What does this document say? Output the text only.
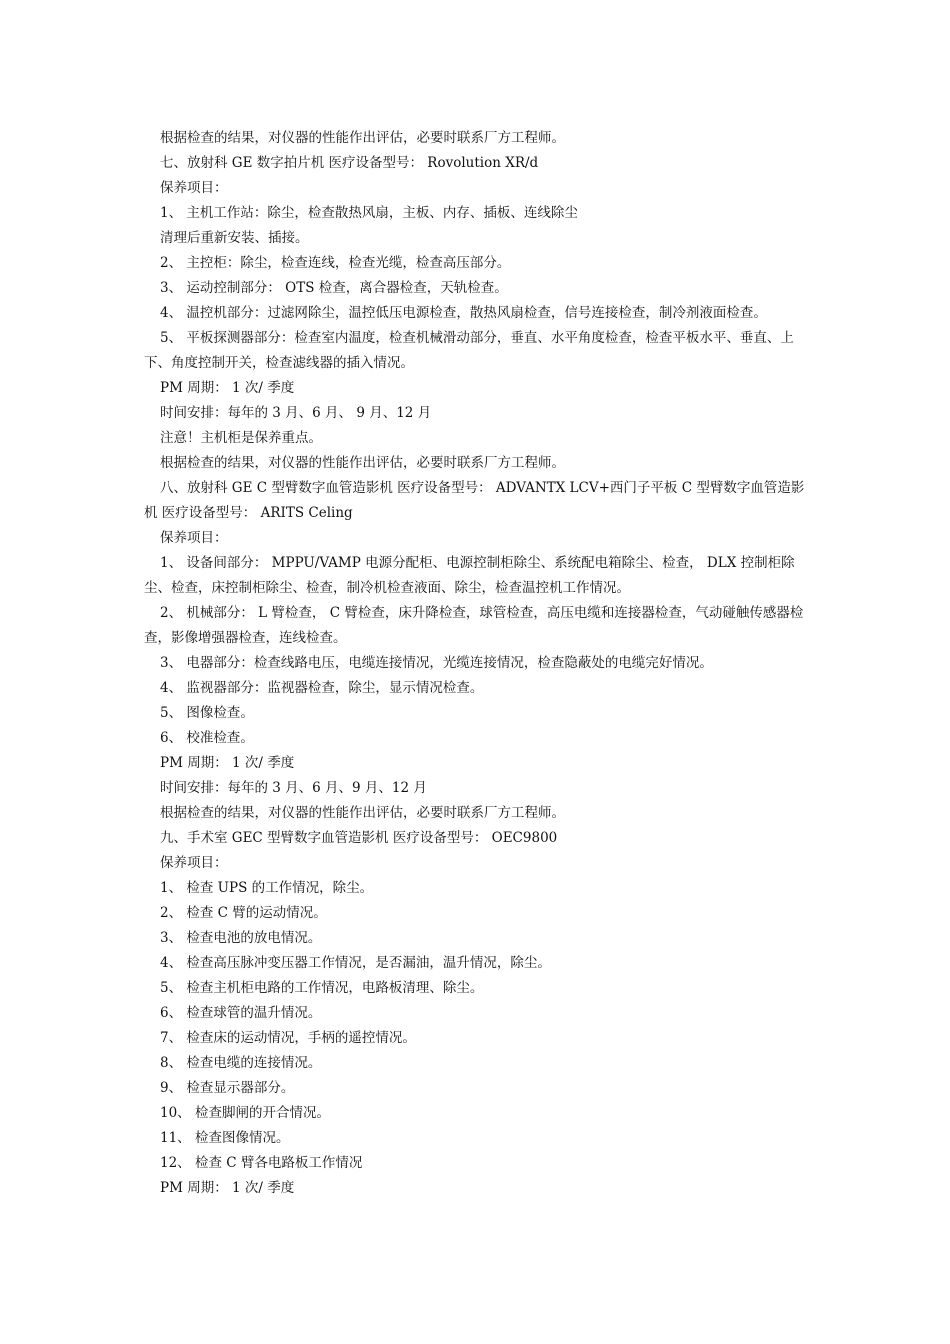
根据检查的结果，对仪器的性能作出评估，必要时联系厂方工程师。

七、放射科 GE 数字拍片机 医疗设备型号： Rovolution XR/d

保养项目：

1、 主机工作站：除尘，检查散热风扇，主板、内存、插板、连线除尘

清理后重新安装、插接。

2、 主控柜：除尘，检查连线，检查光缆，检查高压部分。

3、 运动控制部分： OTS 检查，离合器检查，天轨检查。

4、 温控机部分：过滤网除尘，温控低压电源检查，散热风扇检查，信号连接检查，制冷剂液面检查。

5、 平板探测器部分：检查室内温度，检查机械滑动部分，垂直、水平角度检查，检查平板水平、垂直、上下、角度控制开关，检查滤线器的插入情况。

PM 周期： 1 次/ 季度

时间安排：每年的 3 月、6 月、 9 月、12 月

注意！主机柜是保养重点。

根据检查的结果，对仪器的性能作出评估，必要时联系厂方工程师。

八、放射科 GE C 型臂数字血管造影机 医疗设备型号： ADVANTX LCV+西门子平板 C 型臂数字血管造影机 医疗设备型号： ARITS Celing

保养项目：

1、 设备间部分： MPPU/VAMP 电源分配柜、电源控制柜除尘、系统配电箱除尘、检查， DLX 控制柜除尘、检查，床控制柜除尘、检查，制冷机检查液面、除尘，检查温控机工作情况。

2、 机械部分： L 臂检查， C 臂检查，床升降检查，球管检查，高压电缆和连接器检查，气动碰触传感器检查，影像增强器检查，连线检查。

3、 电器部分：检查线路电压，电缆连接情况，光缆连接情况，检查隐蔽处的电缆完好情况。

4、 监视器部分：监视器检查，除尘，显示情况检查。

5、 图像检查。

6、 校准检查。

PM 周期： 1 次/ 季度

时间安排：每年的 3 月、6 月、9 月、12 月

根据检查的结果，对仪器的性能作出评估，必要时联系厂方工程师。

九、手术室 GEC 型臂数字血管造影机 医疗设备型号： OEC9800

保养项目：

1、 检查 UPS 的工作情况，除尘。

2、 检查 C 臂的运动情况。

3、 检查电池的放电情况。

4、 检查高压脉冲变压器工作情况，是否漏油，温升情况，除尘。

5、 检查主机柜电路的工作情况，电路板清理、除尘。

6、 检查球管的温升情况。

7、 检查床的运动情况，手柄的遥控情况。

8、 检查电缆的连接情况。

9、 检查显示器部分。

10、 检查脚闸的开合情况。

11、 检查图像情况。

12、 检查 C 臂各电路板工作情况

PM 周期： 1 次/ 季度
